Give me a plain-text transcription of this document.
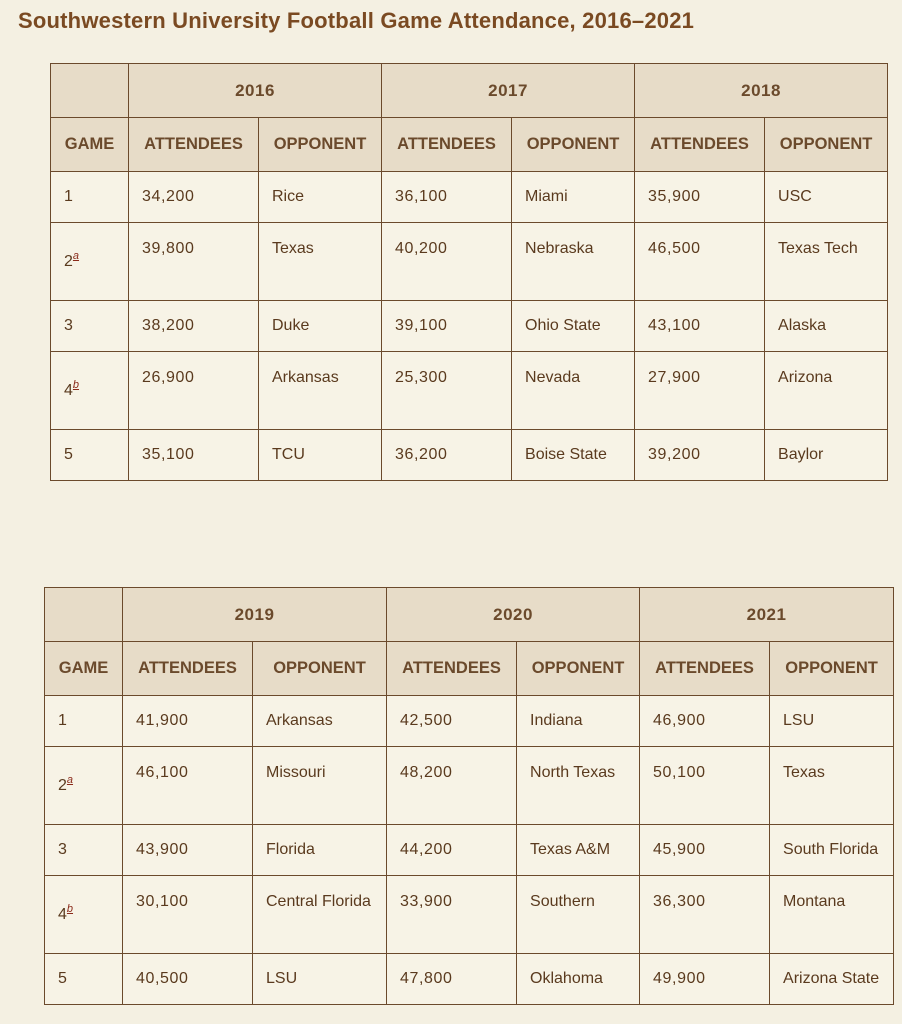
Southwestern University Football Game Attendance, 2016–2021
	2016		2017		2018	
GAME	ATTENDEES	OPPONENT	ATTENDEES	OPPONENT	ATTENDEES	OPPONENT
1	34,200	Rice	36,100	Miami	35,900	USC
2$^a$	39,800	Texas	40,200	Nebraska	46,500	Texas Tech
3	38,200	Duke	39,100	Ohio State	43,100	Alaska
4$^b$	26,900	Arkansas	25,300	Nevada	27,900	Arizona
5	35,100	TCU	36,200	Boise State	39,200	Baylor
	2019		2020		2021	
GAME	ATTENDEES	OPPONENT	ATTENDEES	OPPONENT	ATTENDEES	OPPONENT
1	41,900	Arkansas	42,500	Indiana	46,900	LSU
2$^a$	46,100	Missouri	48,200	North Texas	50,100	Texas
3	43,900	Florida	44,200	Texas A&M	45,900	South Florida
4$^b$	30,100	Central Florida	33,900	Southern	36,300	Montana
5	40,500	LSU	47,800	Oklahoma	49,900	Arizona State
